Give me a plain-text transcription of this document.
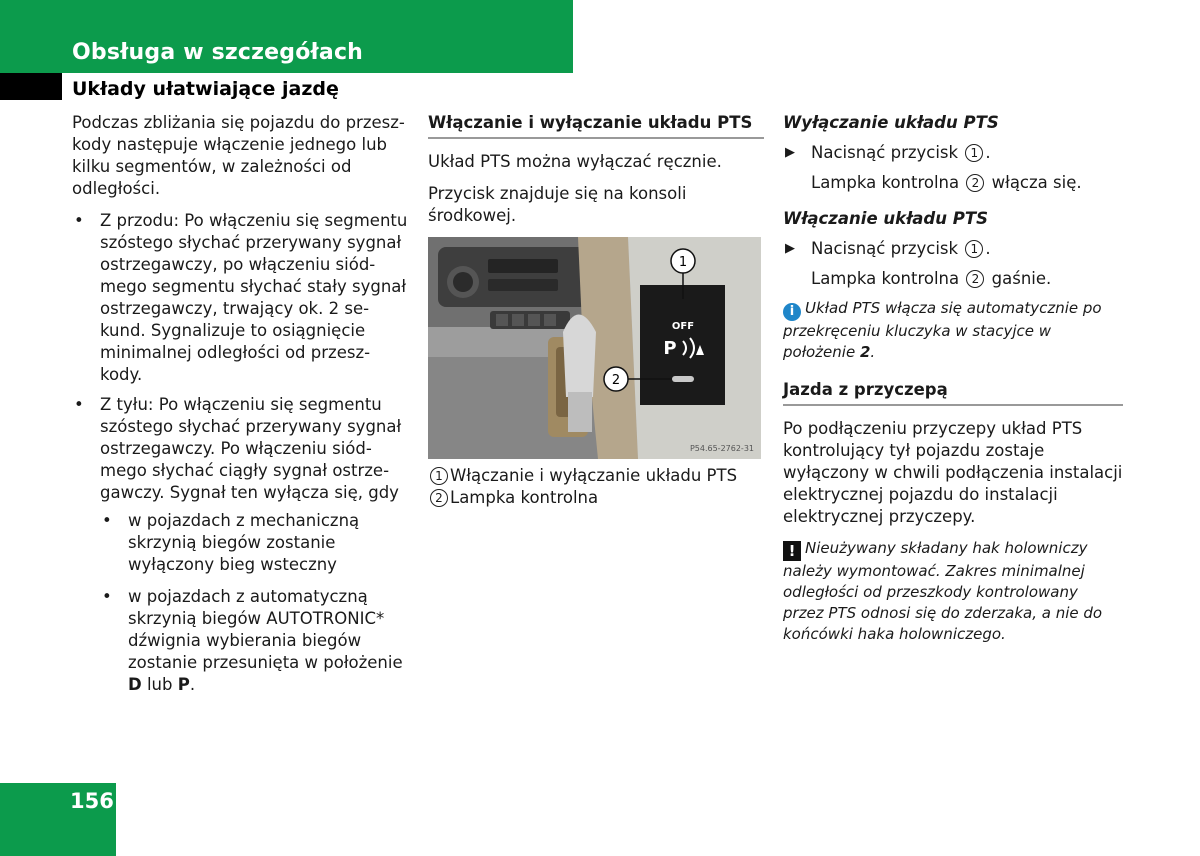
Obsługa w szczegółach
Układy ułatwiające jazdę

Podczas zbliżania się pojazdu do przesz-kody następuje włączenie jednego lub kilku segmentów, w zależności od odległości.

• Z przodu: Po włączeniu się segmentu szóstego słychać przerywany sygnał ostrzegawczy, po włączeniu siód-mego segmentu słychać stały sygnał ostrzegawczy, trwający ok. 2 se-kund. Sygnalizuje to osiągnięcie minimalnej odległości od przesz-kody.
• Z tyłu: Po włączeniu się segmentu szóstego słychać przerywany sygnał ostrzegawczy. Po włączeniu siód-mego słychać ciągły sygnał ostrze-gawczy. Sygnał ten wyłącza się, gdy
• w pojazdach z mechaniczną skrzynią biegów zostanie wyłączony bieg wsteczny
• w pojazdach z automatyczną skrzynią biegów AUTOTRONIC* dźwignia wybierania biegów zostanie przesunięta w położenie D lub P.
Włączanie i wyłączanie układu PTS

Układ PTS można wyłączać ręcznie.

Przycisk znajduje się na konsoli środkowej.

OFF
P
1
2
P54.65-2762-31
1 Włączanie i wyłączanie układu PTS
2 Lampka kontrolna
Wyłączanie układu PTS
▶ Nacisnąć przycisk 1 .
Lampka kontrolna 2 włącza się.
Włączanie układu PTS
▶ Nacisnąć przycisk 1 .
Lampka kontrolna 2 gaśnie.
i Układ PTS włącza się automatycznie po przekręceniu kluczyka w stacyjce w położenie 2.
Jazda z przyczepą

Po podłączeniu przyczepy układ PTS kontrolujący tył pojazdu zostaje wyłączony w chwili podłączenia instalacji elektrycznej pojazdu do instalacji elektrycznej przyczepy.

! Nieużywany składany hak holowniczy należy wymontować. Zakres minimalnej odległości od przeszkody kontrolowany przez PTS odnosi się do zderzaka, a nie do końcówki haka holowniczego.
156
